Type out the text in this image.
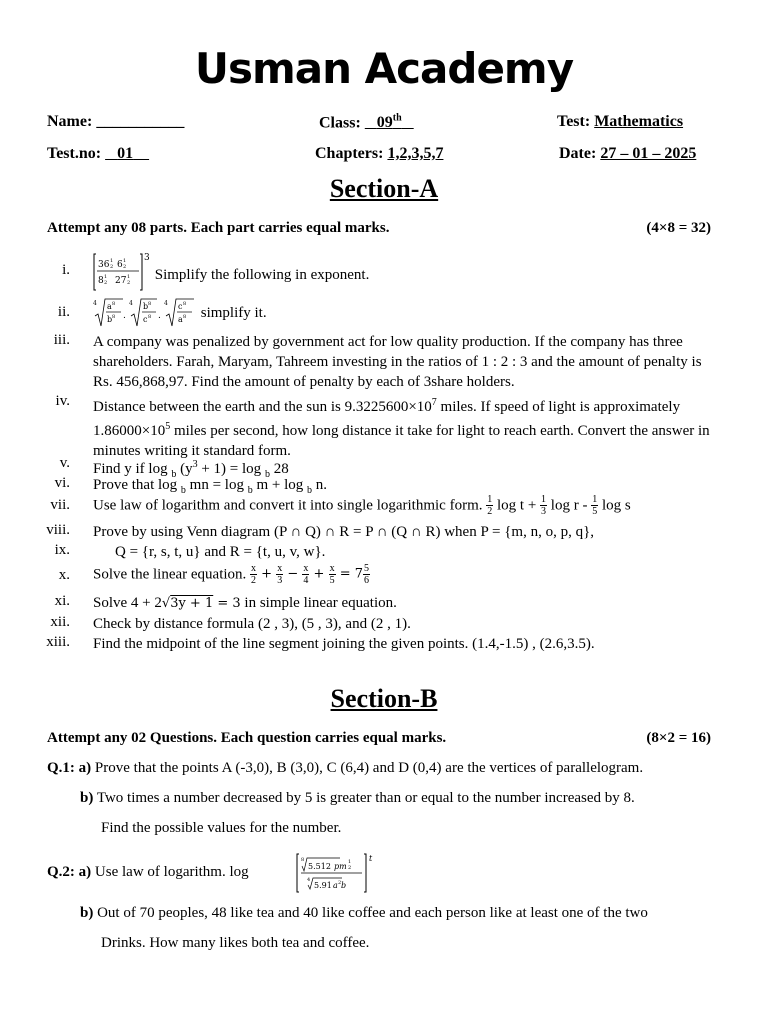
Usman Academy
Name: ___________	Class: 09th	Test: Mathematics
Test.no: 01	Chapters: 1,2,3,5,7	Date: 27 – 01 – 2025
Section-A
Attempt any 08 parts. Each part carries equal marks.	(4×8 = 32)
i.	36 1
2 6 1
2
8 1
2 27 1
2
3
Simplify the following in exponent.
ii.
4 a 8
b 8 .
4 b 8
c 8 .
4 c 8
a 8 simplify it.
iii. A company was penalized by government act for low quality production. If the company has three shareholders. Farah, Maryam, Tahreem investing in the ratios of 1 : 2 : 3 and the amount of penalty is Rs. 456,868,97. Find the amount of penalty by each of 3share holders.
iv. Distance between the earth and the sun is $9.3225600\times 10^7$ miles. If speed of light is approximately $1.86000\times 10^5$ miles per second, how long distance it take for light to reach earth. Convert the answer in minutes writing it standard form.
v. Find y if log $_b$ $(y^3 + 1) = \log _b$ 28
vi. Prove that log $_b$ mn = log $_b$ m + log $_b$ n.
vii. Use law of logarithm and convert it into single logarithmic form. $\frac{1}{2}$ $\log t + \frac{1}{3}$ log r - $\frac{1}{5}$ log s
viii. Prove by using Venn diagram (P ∩ Q) ∩ R = P ∩ (Q ∩ R) when P = {m, n, o, p, q},
ix.	Q = {r, s, t, u} and R = {t, u, v, w}.
x. Solve the linear equation. $\frac{x}{2} + \frac{x}{3} - \frac{x}{4} + \frac{x}{5} = 7 \frac{5}{6}$
xi. Solve 4 + 2√3y + 1 = 3 in simple linear equation.
xii. Check by distance formula (2 , 3), (5 , 3), and (2 , 1).
xiii. Find the midpoint of the line segment joining the given points. (1.4,-1.5) , (2.6,3.5).
Section-B
Attempt any 02 Questions. Each question carries equal marks.	(8×2 = 16)
Q.1: a) Prove that the points A (-3,0), B (3,0), C (6,4) and D (0,4) are the vertices of parallelogram.
b) Two times a number decreased by 5 is greater than or equal to the number increased by 8.
Find the possible values for the number.
Q.2: a) Use law of logarithm. log
t
8
5.512 pm 1
2
4
5.91 a 2 b
b) Out of 70 peoples, 48 like tea and 40 like coffee and each person like at least one of the two
Drinks. How many likes both tea and coffee.
